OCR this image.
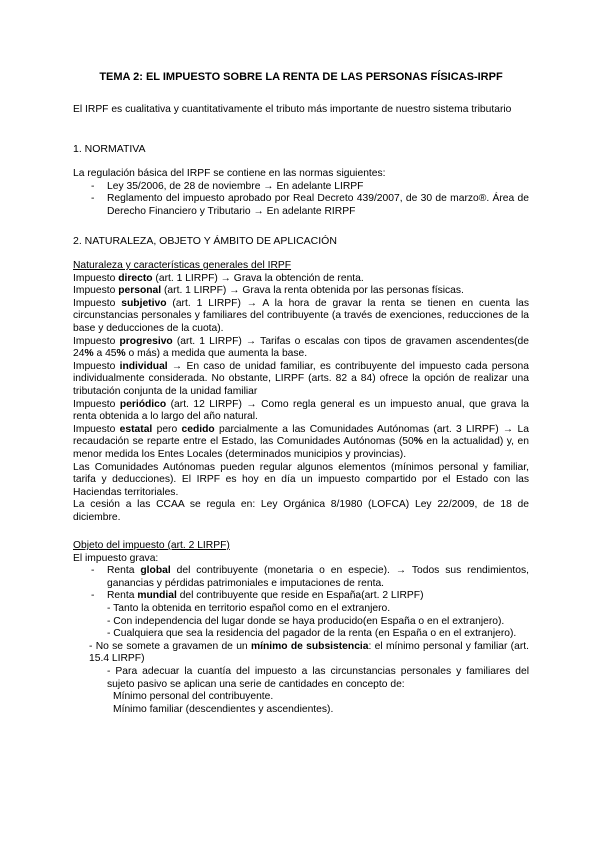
TEMA 2: EL IMPUESTO SOBRE LA RENTA DE LAS PERSONAS FÍSICAS-IRPF

El IRPF es cualitativa y cuantitativamente el tributo más importante de nuestro sistema tributario

1. NORMATIVA

La regulación básica del IRPF se contiene en las normas siguientes:

- Ley 35/2006, de 28 de noviembre → En adelante LIRPF
- Reglamento del impuesto aprobado por Real Decreto 439/2007, de 30 de marzo®. Área de Derecho Financiero y Tributario → En adelante RIRPF

2. NATURALEZA, OBJETO Y ÁMBITO DE APLICACIÓN

Naturaleza y características generales del IRPF

Impuesto directo (art. 1 LIRPF) → Grava la obtención de renta.

Impuesto personal (art. 1 LIRPF) → Grava la renta obtenida por las personas físicas.

Impuesto subjetivo (art. 1 LIRPF) → A la hora de gravar la renta se tienen en cuenta las circunstancias personales y familiares del contribuyente (a través de exenciones, reducciones de la base y deducciones de la cuota).

Impuesto progresivo (art. 1 LIRPF) → Tarifas o escalas con tipos de gravamen ascendentes(de 24% a 45% o más) a medida que aumenta la base.

Impuesto individual → En caso de unidad familiar, es contribuyente del impuesto cada persona individualmente considerada. No obstante, LIRPF (arts. 82 a 84) ofrece la opción de realizar una tributación conjunta de la unidad familiar

Impuesto periódico (art. 12 LIRPF) → Como regla general es un impuesto anual, que grava la renta obtenida a lo largo del año natural.

Impuesto estatal pero cedido parcialmente a las Comunidades Autónomas (art. 3 LIRPF) → La recaudación se reparte entre el Estado, las Comunidades Autónomas (50% en la actualidad) y, en menor medida los Entes Locales (determinados municipios y provincias).

Las Comunidades Autónomas pueden regular algunos elementos (mínimos personal y familiar, tarifa y deducciones). El IRPF es hoy en día un impuesto compartido por el Estado con las Haciendas territoriales.

La cesión a las CCAA se regula en: Ley Orgánica 8/1980 (LOFCA) Ley 22/2009, de 18 de diciembre.

Objeto del impuesto (art. 2 LIRPF)

El impuesto grava:

- Renta global del contribuyente (monetaria o en especie). → Todos sus rendimientos, ganancias y pérdidas patrimoniales e imputaciones de renta.
- Renta mundial del contribuyente que reside en España(art. 2 LIRPF)

- Tanto la obtenida en territorio español como en el extranjero.

- Con independencia del lugar donde se haya producido(en España o en el extranjero).

- Cualquiera que sea la residencia del pagador de la renta (en España o en el extranjero).

- No se somete a gravamen de un mínimo de subsistencia: el mínimo personal y familiar (art. 15.4 LIRPF)

- Para adecuar la cuantía del impuesto a las circunstancias personales y familiares del sujeto pasivo se aplican una serie de cantidades en concepto de:

Mínimo personal del contribuyente.

Mínimo familiar (descendientes y ascendientes).
